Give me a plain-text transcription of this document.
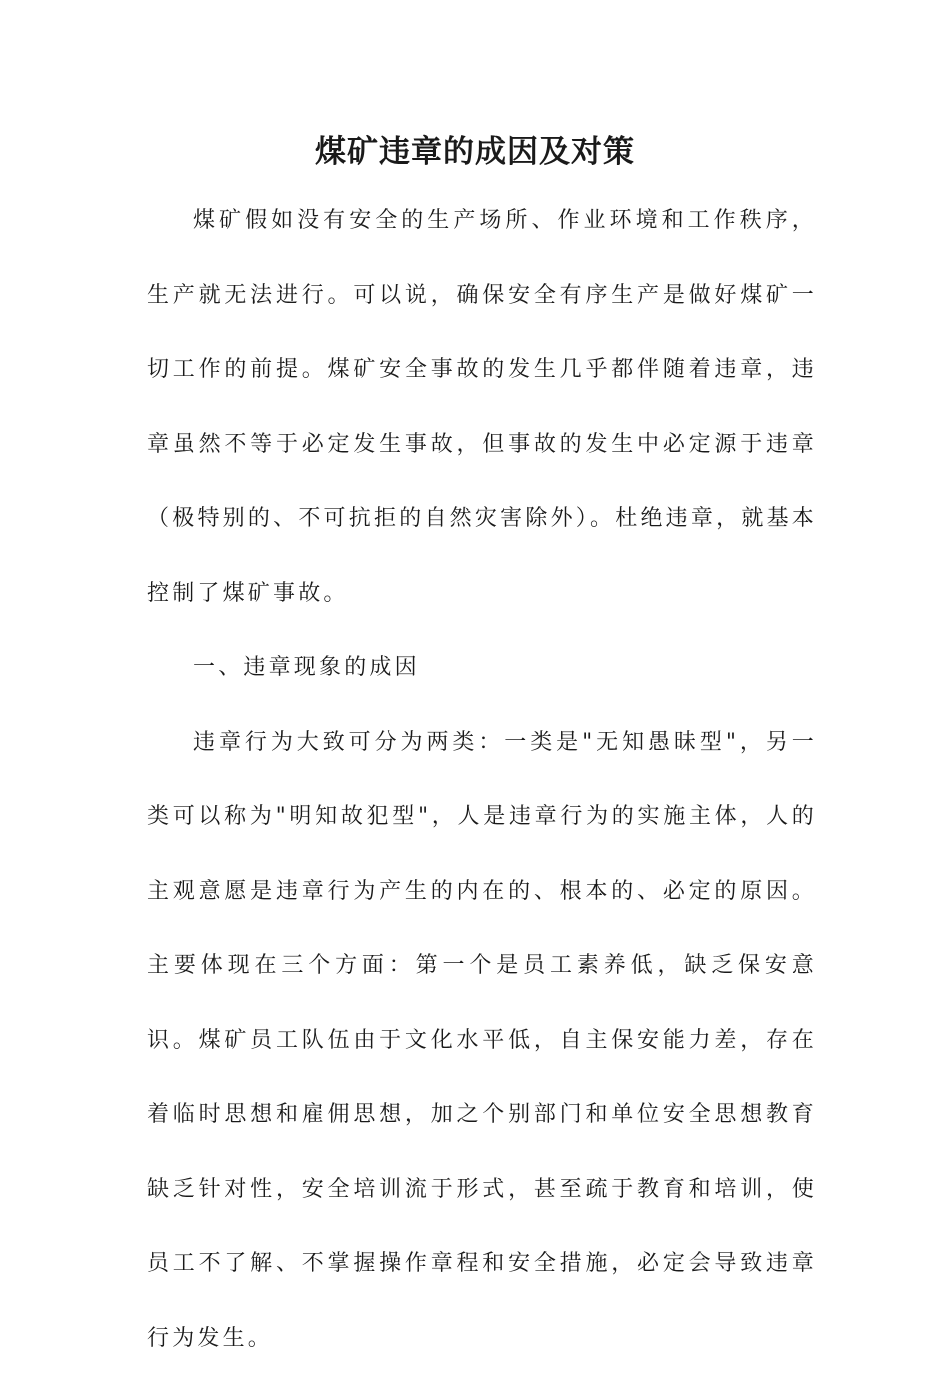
煤矿违章的成因及对策

煤矿假如没有安全的生产场所、作业环境和工作秩序，生产就无法进行。可以说，确保安全有序生产是做好煤矿一切工作的前提。煤矿安全事故的发生几乎都伴随着违章，违章虽然不等于必定发生事故，但事故的发生中必定源于违章（极特别的、不可抗拒的自然灾害除外）。杜绝违章，就基本控制了煤矿事故。

一、违章现象的成因

违章行为大致可分为两类：一类是"无知愚昧型"，另一类可以称为"明知故犯型"，人是违章行为的实施主体，人的主观意愿是违章行为产生的内在的、根本的、必定的原因。主要体现在三个方面：第一个是员工素养低，缺乏保安意识。煤矿员工队伍由于文化水平低，自主保安能力差，存在着临时思想和雇佣思想，加之个别部门和单位安全思想教育缺乏针对性，安全培训流于形式，甚至疏于教育和培训，使员工不了解、不掌握操作章程和安全措施，必定会导致违章行为发生。
